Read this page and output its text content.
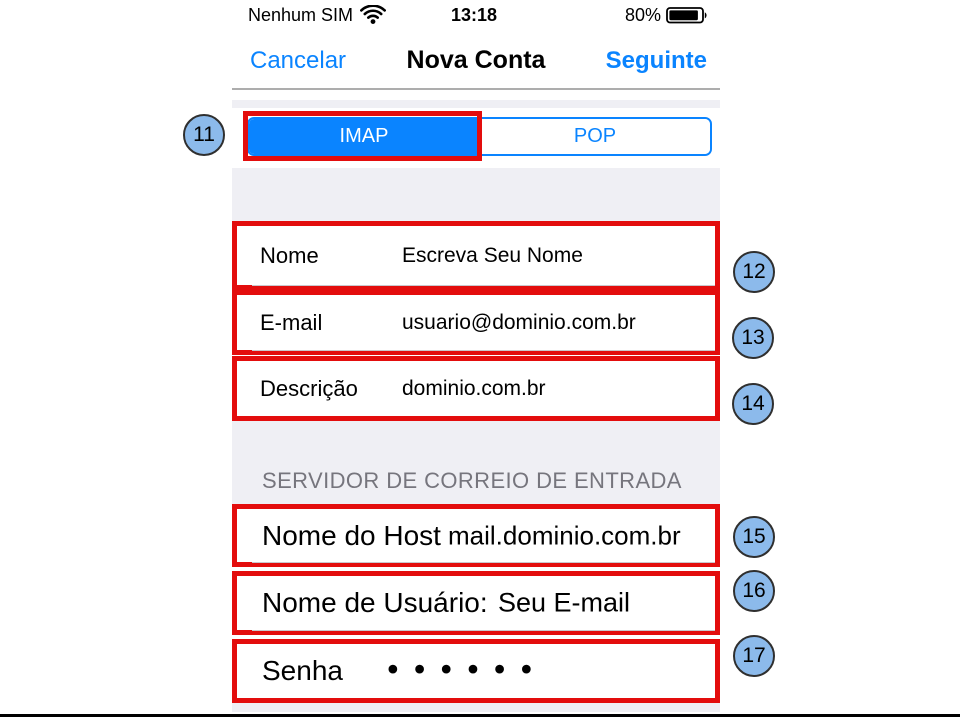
Nenhum SIM	13:18	80%
Cancelar	Nova Conta	Seguinte
IMAP	POP
11
Nome	Escreva Seu Nome
12
E-mail	usuario@dominio.com.br
13
Descrição dominio.com.br
14
SERVIDOR DE CORREIO DE ENTRADA
Nome do Host mail.dominio.com.br	15
Nome de Usuário: Seu E-mail	16
Senha ••••••	17
